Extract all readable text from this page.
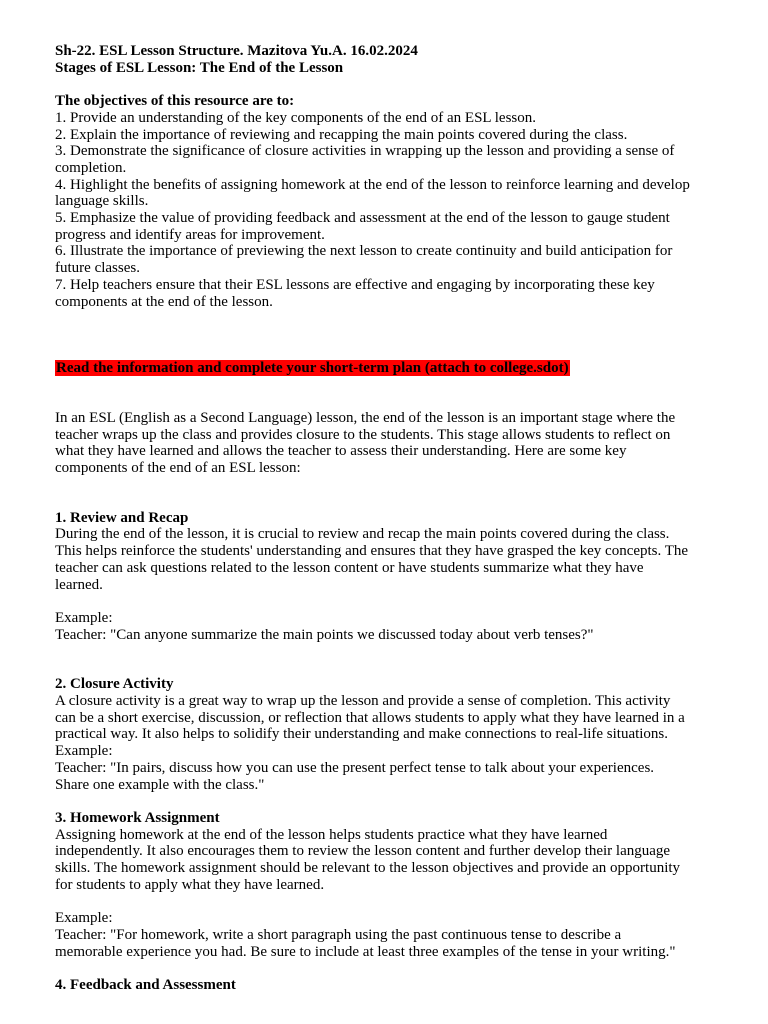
Sh-22. ESL Lesson Structure. Mazitova Yu.A. 16.02.2024
Stages of ESL Lesson: The End of the Lesson
The objectives of this resource are to:
1. Provide an understanding of the key components of the end of an ESL lesson.
2. Explain the importance of reviewing and recapping the main points covered during the class.
3. Demonstrate the significance of closure activities in wrapping up the lesson and providing a sense of
completion.
4. Highlight the benefits of assigning homework at the end of the lesson to reinforce learning and develop
language skills.
5. Emphasize the value of providing feedback and assessment at the end of the lesson to gauge student
progress and identify areas for improvement.
6. Illustrate the importance of previewing the next lesson to create continuity and build anticipation for
future classes.
7. Help teachers ensure that their ESL lessons are effective and engaging by incorporating these key
components at the end of the lesson.
Read the information and complete your short-term plan (attach to college.sdot)
In an ESL (English as a Second Language) lesson, the end of the lesson is an important stage where the
teacher wraps up the class and provides closure to the students. This stage allows students to reflect on
what they have learned and allows the teacher to assess their understanding. Here are some key
components of the end of an ESL lesson:
1. Review and Recap
During the end of the lesson, it is crucial to review and recap the main points covered during the class.
This helps reinforce the students' understanding and ensures that they have grasped the key concepts. The
teacher can ask questions related to the lesson content or have students summarize what they have
learned.
Example:
Teacher: "Can anyone summarize the main points we discussed today about verb tenses?"
2. Closure Activity
A closure activity is a great way to wrap up the lesson and provide a sense of completion. This activity
can be a short exercise, discussion, or reflection that allows students to apply what they have learned in a
practical way. It also helps to solidify their understanding and make connections to real-life situations.
Example:
Teacher: "In pairs, discuss how you can use the present perfect tense to talk about your experiences.
Share one example with the class."
3. Homework Assignment
Assigning homework at the end of the lesson helps students practice what they have learned
independently. It also encourages them to review the lesson content and further develop their language
skills. The homework assignment should be relevant to the lesson objectives and provide an opportunity
for students to apply what they have learned.
Example:
Teacher: "For homework, write a short paragraph using the past continuous tense to describe a
memorable experience you had. Be sure to include at least three examples of the tense in your writing."
4. Feedback and Assessment
